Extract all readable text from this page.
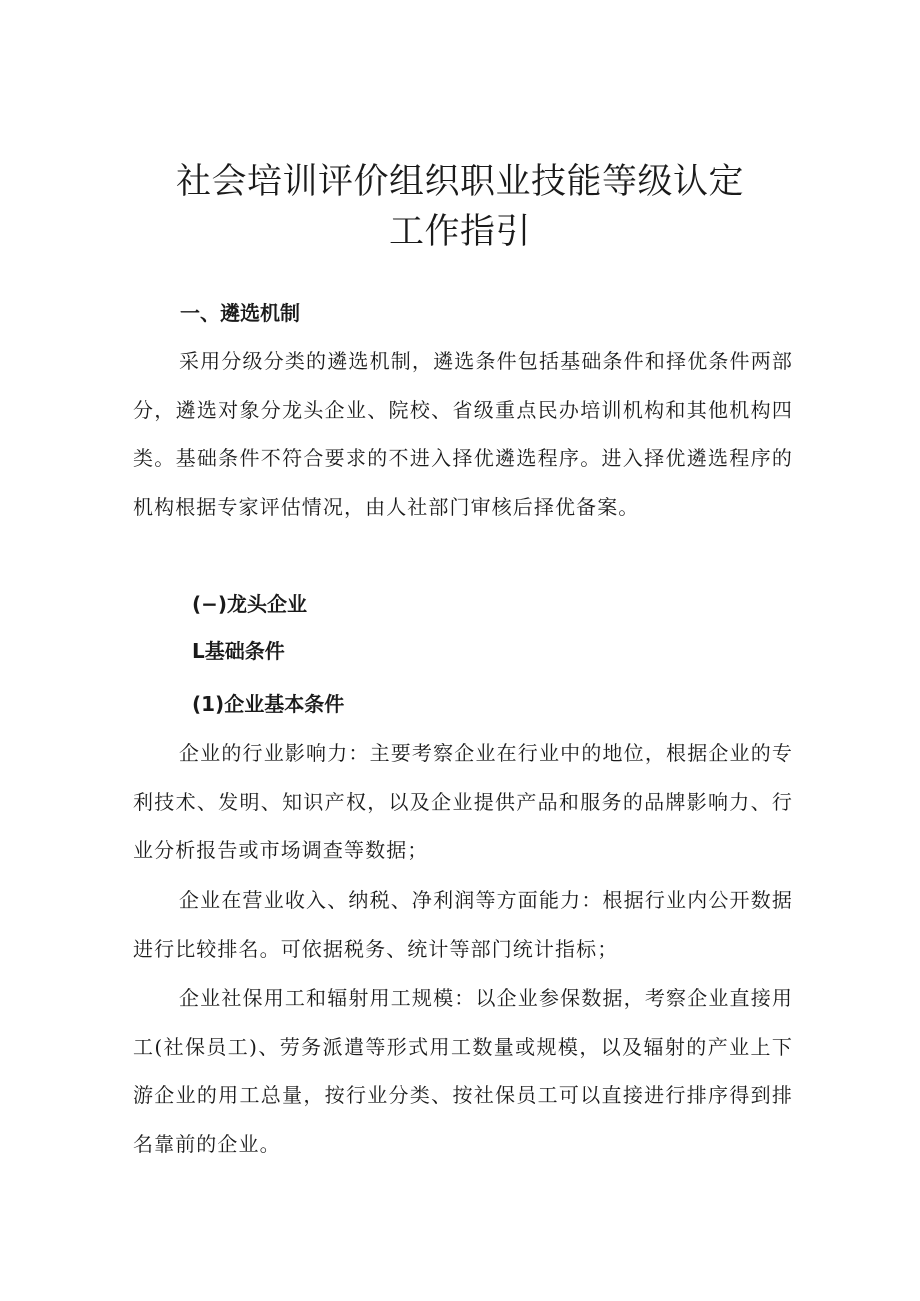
社会培训评价组织职业技能等级认定
工作指引
一、遴选机制
采用分级分类的遴选机制，遴选条件包括基础条件和择优条件两部分，遴选对象分龙头企业、院校、省级重点民办培训机构和其他机构四类。基础条件不符合要求的不进入择优遴选程序。进入择优遴选程序的机构根据专家评估情况，由人社部门审核后择优备案。
(−)龙头企业
L基础条件
(1)企业基本条件
企业的行业影响力：主要考察企业在行业中的地位，根据企业的专利技术、发明、知识产权，以及企业提供产品和服务的品牌影响力、行业分析报告或市场调查等数据；
企业在营业收入、纳税、净利润等方面能力：根据行业内公开数据进行比较排名。可依据税务、统计等部门统计指标；
企业社保用工和辐射用工规模：以企业参保数据，考察企业直接用工(社保员工)、劳务派遣等形式用工数量或规模，以及辐射的产业上下游企业的用工总量，按行业分类、按社保员工可以直接进行排序得到排名靠前的企业。
